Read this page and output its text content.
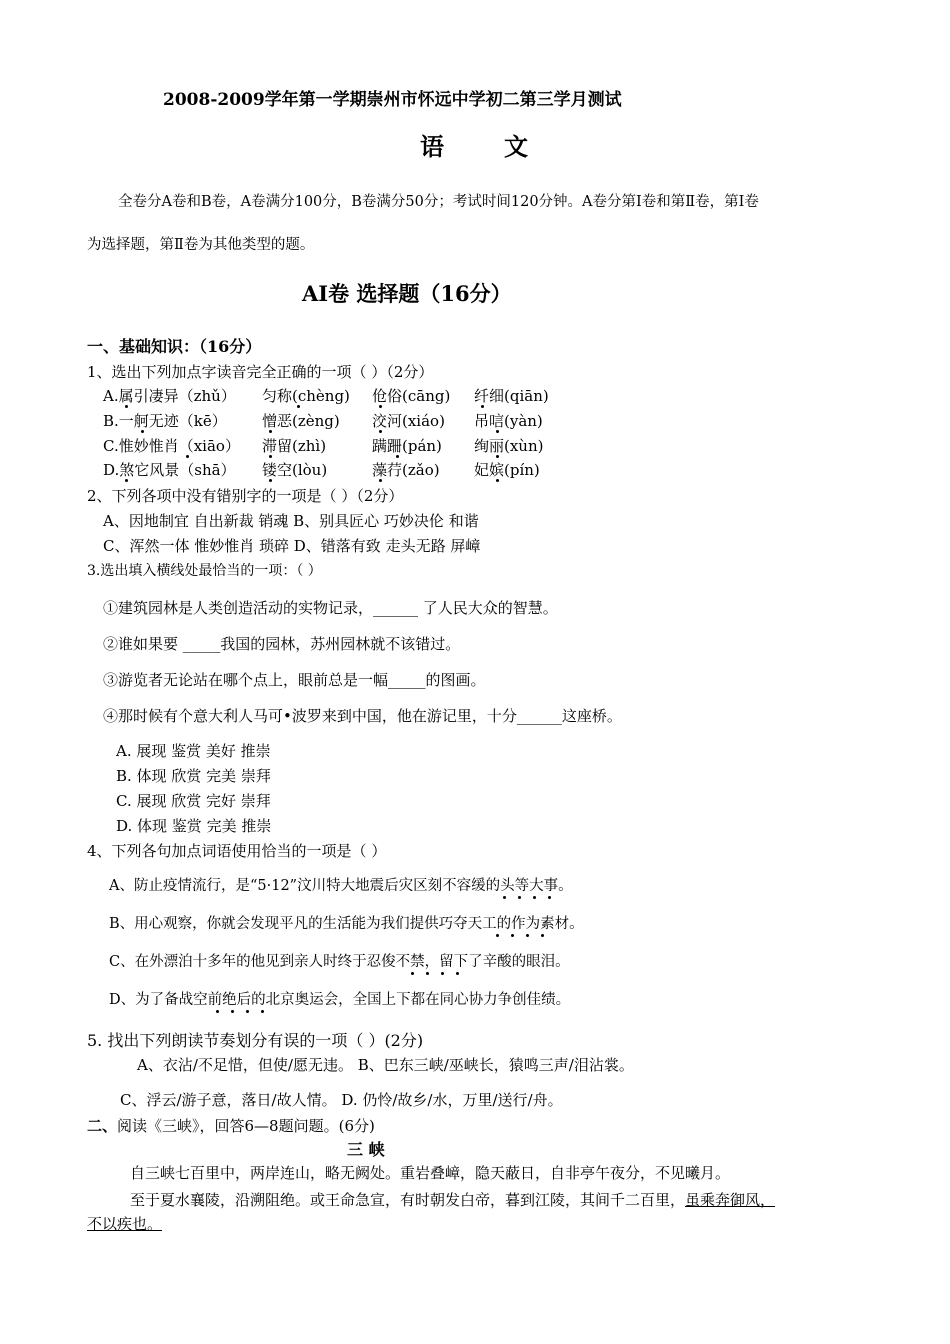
2008-2009学年第一学期崇州市怀远中学初二第三学月测试
语文
全卷分A卷和B卷，A卷满分100分，B卷满分50分；考试时间120分钟。A卷分第Ⅰ卷和第Ⅱ卷，第Ⅰ卷
为选择题，第Ⅱ卷为其他类型的题。
AⅠ卷 选择题（16分）
一、基础知识：（16分）
1、选出下列加点字读音完全正确的一项（ ）（2分）
A.属引凄异（zhǔ） 匀称(chèng) 伧俗(cāng) 纤细(qiān)
B.一舸无迹（kē） 憎恶(zèng) 洨河(xiáo) 吊唁(yàn)
C.惟妙惟肖（xiāo） 滞留(zhì)	蹒跚(pán) 绚丽(xùn)
D.煞它风景（shā） 镂空(lòu)	藻荇(zǎo) 妃嫔(pín)
2、下列各项中没有错别字的一项是（ ）（2分）
A、因地制宜 自出新裁 销魂 B、别具匠心 巧妙决伦 和谐
C、浑然一体 惟妙惟肖 琐碎 D、错落有致 走头无路 屏嶂
3.选出填入横线处最恰当的一项：（ ）
①建筑园林是人类创造活动的实物记录，______ 了人民大众的智慧。
②谁如果要 _____我国的园林，苏州园林就不该错过。
③游览者无论站在哪个点上，眼前总是一幅_____的图画。
④那时候有个意大利人马可•波罗来到中国，他在游记里，十分______这座桥。
A. 展现 鉴赏 美好 推崇
B. 体现 欣赏 完美 崇拜
C. 展现 欣赏 完好 崇拜
D. 体现 鉴赏 完美 推崇
4、下列各句加点词语使用恰当的一项是（ ）
A、防止疫情流行，是“5·12”汶川特大地震后灾区刻不容缓的头等大事。
B、用心观察，你就会发现平凡的生活能为我们提供巧夺天工的作为素材。
C、在外漂泊十多年的他见到亲人时终于忍俊不禁，留下了辛酸的眼泪。
D、为了备战空前绝后的北京奥运会，全国上下都在同心协力争创佳绩。
5. 找出下列朗读节奏划分有误的一项（ ）(2分)
A、衣沾/不足惜，但使/愿无违。 B、巴东三峡/巫峡长，猿鸣三声/泪沾裳。
C、浮云/游子意，落日/故人情。 D. 仍怜/故乡/水，万里/送行/舟。
二、阅读《三峡》，回答6—8题问题。(6分)
三 峡
自三峡七百里中，两岸连山，略无阙处。重岩叠嶂，隐天蔽日，自非亭午夜分，不见曦月。
至于夏水襄陵，沿溯阻绝。或王命急宣，有时朝发白帝，暮到江陵，其间千二百里，虽乘奔御风，
不以疾也。
